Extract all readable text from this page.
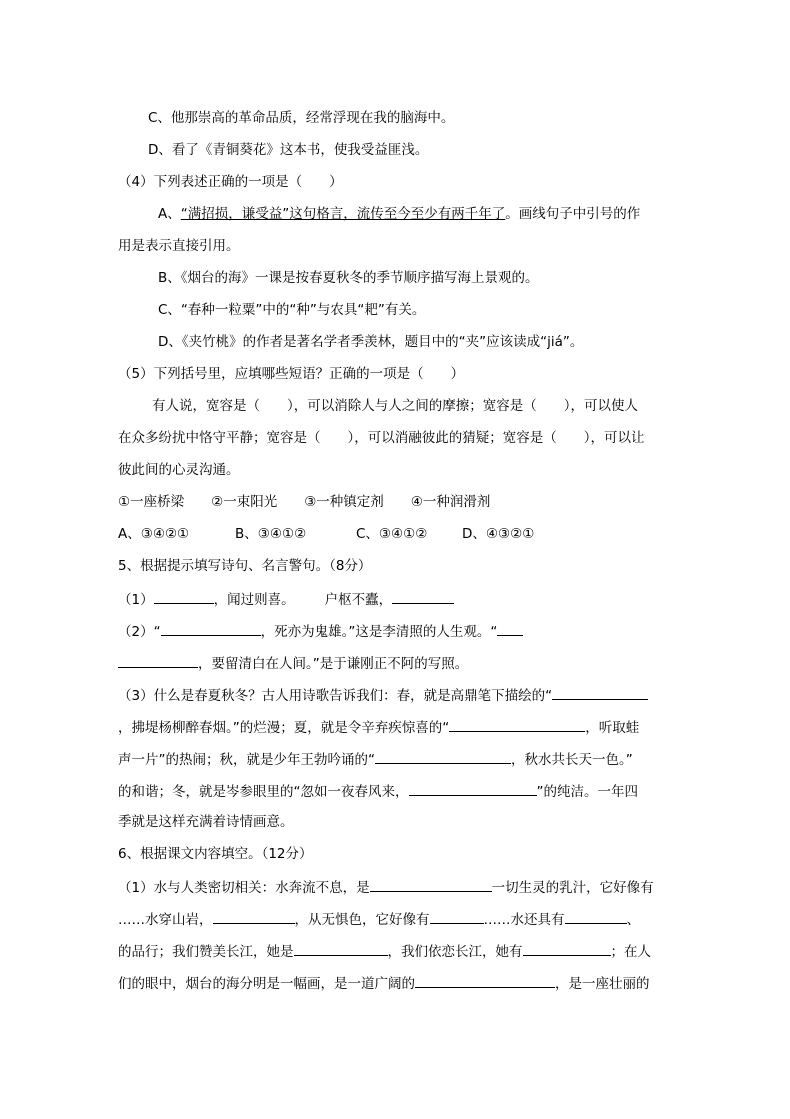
C、他那崇高的革命品质，经常浮现在我的脑海中。
D、看了《青铜葵花》这本书，使我受益匪浅。
（4）下列表述正确的一项是（　　）
A、“满招损，谦受益”这句格言，流传至今至少有两千年了。画线句子中引号的作
用是表示直接引用。
B、《烟台的海》一课是按春夏秋冬的季节顺序描写海上景观的。
C、“春种一粒粟”中的“种”与农具“耙”有关。
D、《夹竹桃》的作者是著名学者季羡林，题目中的“夹”应该读成“jiá”。
（5）下列括号里，应填哪些短语？正确的一项是（　　）
有人说，宽容是（　　），可以消除人与人之间的摩擦；宽容是（　　），可以使人
在众多纷扰中恪守平静；宽容是（　　），可以消融彼此的猜疑；宽容是（　　），可以让
彼此间的心灵沟通。
①一座桥梁　　②一束阳光　　③一种镇定剂　　④一种润滑剂
A、③④②①	B、③④①②	C、③④①②	D、④③②①
5、根据提示填写诗句、名言警句。（8分）
（1）	，闻过则喜。 户枢不蠹，
（2）“	，死亦为鬼雄。”这是李清照的人生观。“
，要留清白在人间。”是于谦刚正不阿的写照。
（3）什么是春夏秋冬？古人用诗歌告诉我们：春，就是高鼎笔下描绘的“
，拂堤杨柳醉春烟。”的烂漫；夏，就是令辛弃疾惊喜的“	，听取蛙
声一片”的热闹；秋，就是少年王勃吟诵的“	，秋水共长天一色。”
的和谐；冬，就是岑参眼里的“忽如一夜春风来，	”的纯洁。一年四
季就是这样充满着诗情画意。
6、根据课文内容填空。（12分）
（1）水与人类密切相关：水奔流不息，是	一切生灵的乳汁，它好像有
……水穿山岩，	，从无惧色，它好像有	……水还具有	、
的品行；我们赞美长江，她是	，我们依恋长江，她有	；在人
们的眼中，烟台的海分明是一幅画，是一道广阔的	，是一座壮丽的
